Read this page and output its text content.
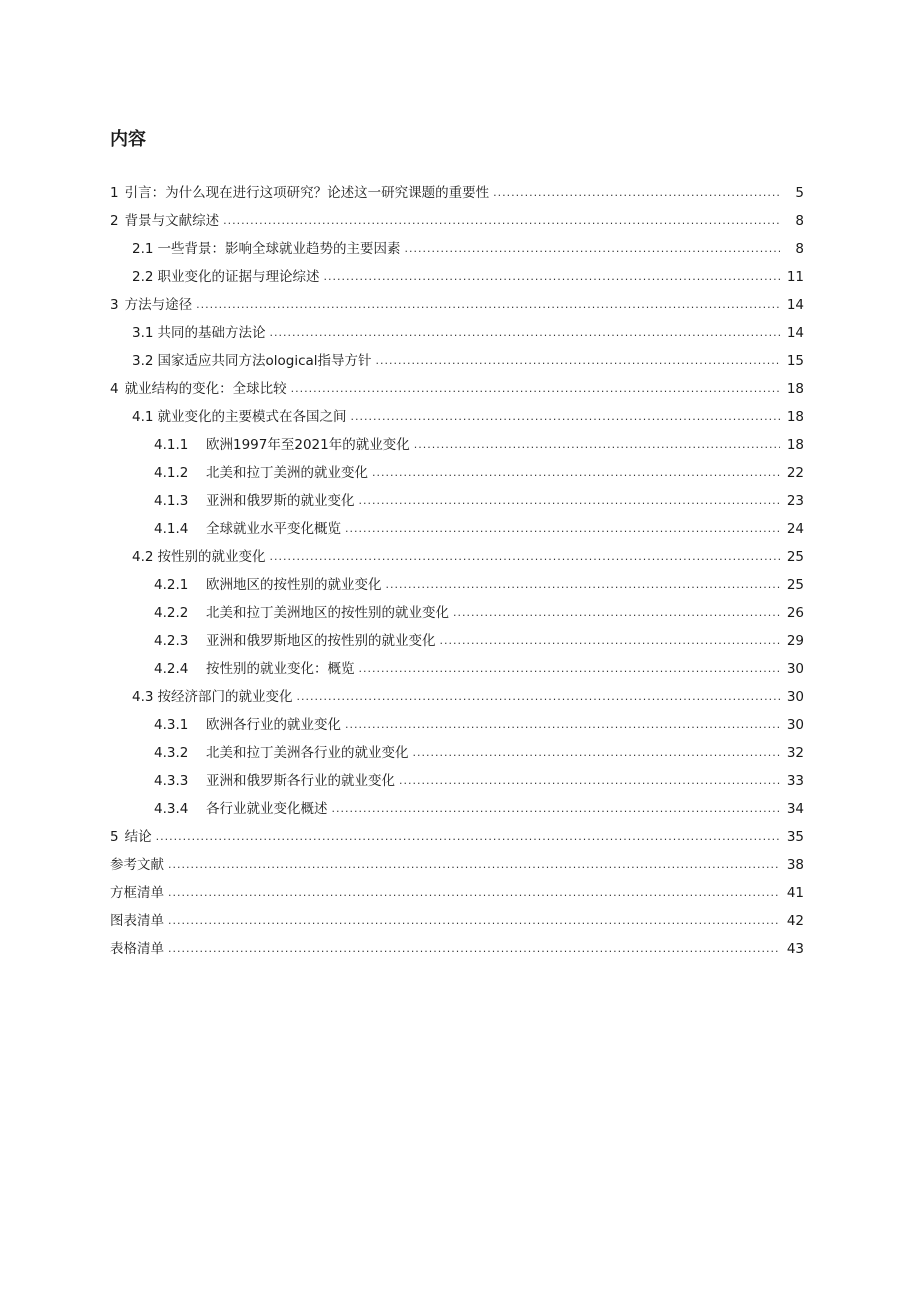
内容
1 引言：为什么现在进行这项研究？论述这一研究课题的重要性 .....	5
2 背景与文献综述 .....	8
2.1 一些背景：影响全球就业趋势的主要因素 .....	8
2.2 职业变化的证据与理论综述 .....	11
3 方法与途径 .....	14
3.1 共同的基础方法论 .....	14
3.2 国家适应共同方法ological指导方针 .....	15
4 就业结构的变化：全球比较 .....	18
4.1 就业变化的主要模式在各国之间 .....	18
4.1.1	欧洲1997年至2021年的就业变化 .....	18
4.1.2	北美和拉丁美洲的就业变化 .....	22
4.1.3	亚洲和俄罗斯的就业变化 .....	23
4.1.4	全球就业水平变化概览 .....	24
4.2 按性别的就业变化 .....	25
4.2.1	欧洲地区的按性别的就业变化 .....	25
4.2.2	北美和拉丁美洲地区的按性别的就业变化 .....	26
4.2.3	亚洲和俄罗斯地区的按性别的就业变化 .....	29
4.2.4	按性别的就业变化：概览 .....	30
4.3 按经济部门的就业变化 .....	30
4.3.1	欧洲各行业的就业变化 .....	30
4.3.2	北美和拉丁美洲各行业的就业变化 .....	32
4.3.3	亚洲和俄罗斯各行业的就业变化 .....	33
4.3.4	各行业就业变化概述 .....	34
5 结论 .....	35
参考文献 .....	38
方框清单 .....	41
图表清单 .....	42
表格清单 .....	43
